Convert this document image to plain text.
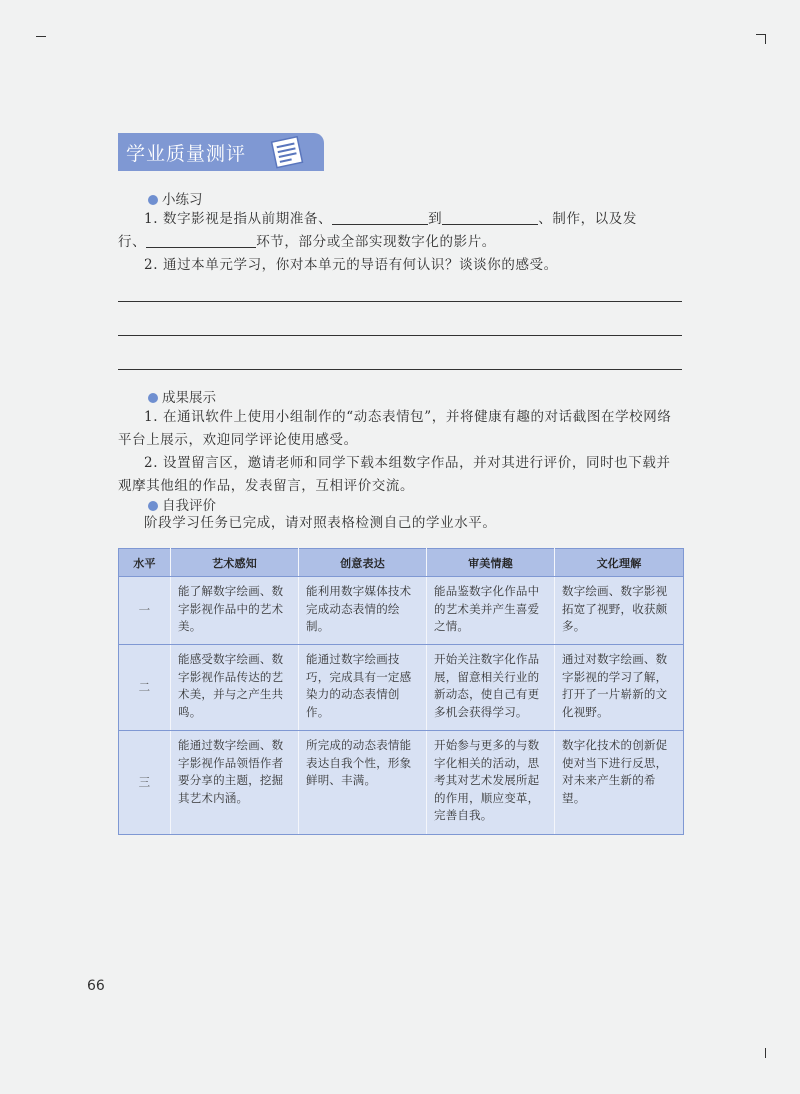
学业质量测评
小练习
1. 数字影视是指从前期准备、	到	、制作，以及发
行、	环节，部分或全部实现数字化的影片。
2. 通过本单元学习，你对本单元的导语有何认识？谈谈你的感受。
成果展示
1. 在通讯软件上使用小组制作的“动态表情包”，并将健康有趣的对话截图在学校网络平台上展示，欢迎同学评论使用感受。
2. 设置留言区，邀请老师和同学下载本组数字作品，并对其进行评价，同时也下载并观摩其他组的作品，发表留言，互相评价交流。
自我评价
阶段学习任务已完成，请对照表格检测自己的学业水平。
水平	艺术感知	创意表达	审美情趣	文化理解
一	能了解数字绘画、数字影视作品中的艺术美。	能利用数字媒体技术完成动态表情的绘制。	能品鉴数字化作品中的艺术美并产生喜爱之情。	数字绘画、数字影视拓宽了视野，收获颇多。
二	能感受数字绘画、数字影视作品传达的艺术美，并与之产生共鸣。	能通过数字绘画技巧，完成具有一定感染力的动态表情创作。	开始关注数字化作品展，留意相关行业的新动态，使自己有更多机会获得学习。	通过对数字绘画、数字影视的学习了解，打开了一片崭新的文化视野。
三	能通过数字绘画、数字影视作品领悟作者要分享的主题，挖掘其艺术内涵。	所完成的动态表情能表达自我个性，形象鲜明、丰满。	开始参与更多的与数字化相关的活动，思考其对艺术发展所起的作用，顺应变革，完善自我。	数字化技术的创新促使对当下进行反思，对未来产生新的希望。
66
